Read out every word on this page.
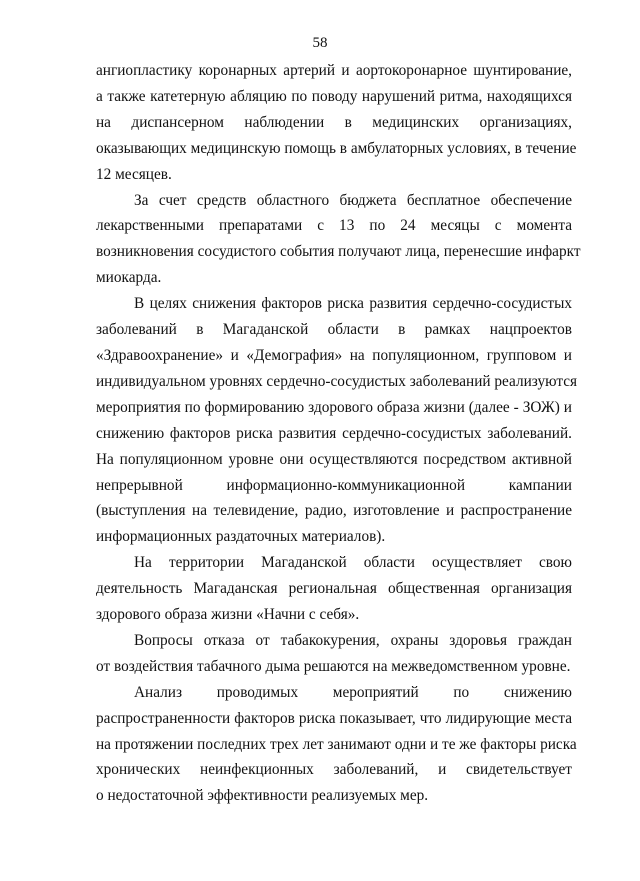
58
ангиопластику коронарных артерий и аортокоронарное шунтирование,
а также катетерную абляцию по поводу нарушений ритма, находящихся
на диспансерном наблюдении в медицинских организациях,
оказывающих медицинскую помощь в амбулаторных условиях, в течение
12 месяцев.
За счет средств областного бюджета бесплатное обеспечение
лекарственными препаратами с 13 по 24 месяцы с момента
возникновения сосудистого события получают лица, перенесшие инфаркт
миокарда.
В целях снижения факторов риска развития сердечно-сосудистых
заболеваний в Магаданской области в рамках нацпроектов
«Здравоохранение» и «Демография» на популяционном, групповом и
индивидуальном уровнях сердечно-сосудистых заболеваний реализуются
мероприятия по формированию здорового образа жизни (далее - ЗОЖ) и
снижению факторов риска развития сердечно-сосудистых заболеваний.
На популяционном уровне они осуществляются посредством активной
непрерывной информационно-коммуникационной кампании
(выступления на телевидение, радио, изготовление и распространение
информационных раздаточных материалов).
На территории Магаданской области осуществляет свою
деятельность Магаданская региональная общественная организация
здорового образа жизни «Начни с себя».
Вопросы отказа от табакокурения, охраны здоровья граждан
от воздействия табачного дыма решаются на межведомственном уровне.
Анализ проводимых мероприятий по снижению
распространенности факторов риска показывает, что лидирующие места
на протяжении последних трех лет занимают одни и те же факторы риска
хронических неинфекционных заболеваний, и свидетельствует
о недостаточной эффективности реализуемых мер.
